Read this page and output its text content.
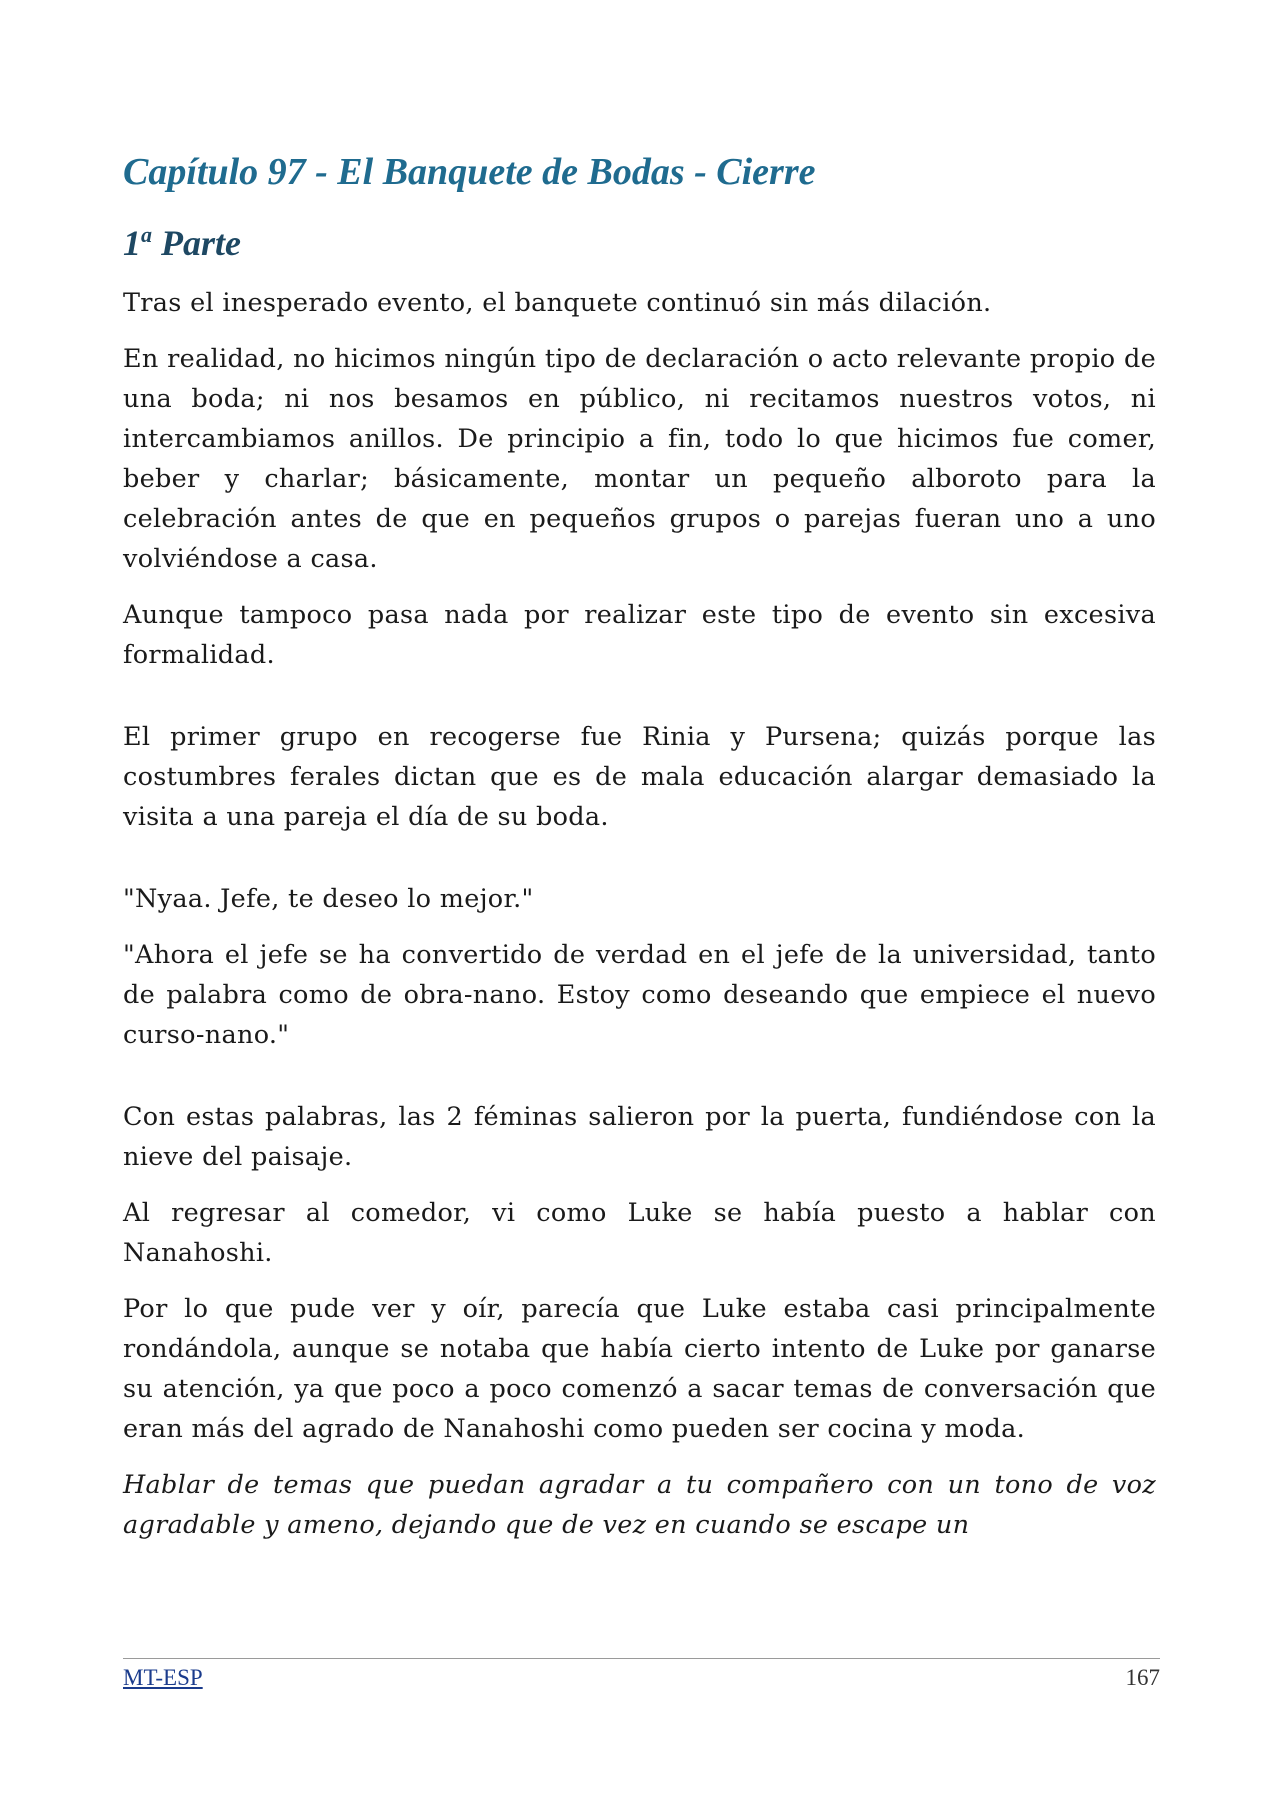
Capítulo 97 - El Banquete de Bodas - Cierre
1$^a$ Parte

Tras el inesperado evento, el banquete continuó sin más dilación.

En realidad, no hicimos ningún tipo de declaración o acto relevante propio de una boda; ni nos besamos en público, ni recitamos nuestros votos, ni intercambiamos anillos. De principio a fin, todo lo que hicimos fue comer, beber y charlar; básicamente, montar un pequeño alboroto para la celebración antes de que en pequeños grupos o parejas fueran uno a uno volviéndose a casa.

Aunque tampoco pasa nada por realizar este tipo de evento sin excesiva formalidad.

El primer grupo en recogerse fue Rinia y Pursena; quizás porque las costumbres ferales dictan que es de mala educación alargar demasiado la visita a una pareja el día de su boda.

"Nyaa. Jefe, te deseo lo mejor."

"Ahora el jefe se ha convertido de verdad en el jefe de la universidad, tanto de palabra como de obra-nano. Estoy como deseando que empiece el nuevo curso-nano."

Con estas palabras, las 2 féminas salieron por la puerta, fundiéndose con la nieve del paisaje.

Al regresar al comedor, vi como Luke se había puesto a hablar con Nanahoshi.

Por lo que pude ver y oír, parecía que Luke estaba casi principalmente rondándola, aunque se notaba que había cierto intento de Luke por ganarse su atención, ya que poco a poco comenzó a sacar temas de conversación que eran más del agrado de Nanahoshi como pueden ser cocina y moda.

Hablar de temas que puedan agradar a tu compañero con un tono de voz agradable y ameno, dejando que de vez en cuando se escape un

MT-ESP	167
